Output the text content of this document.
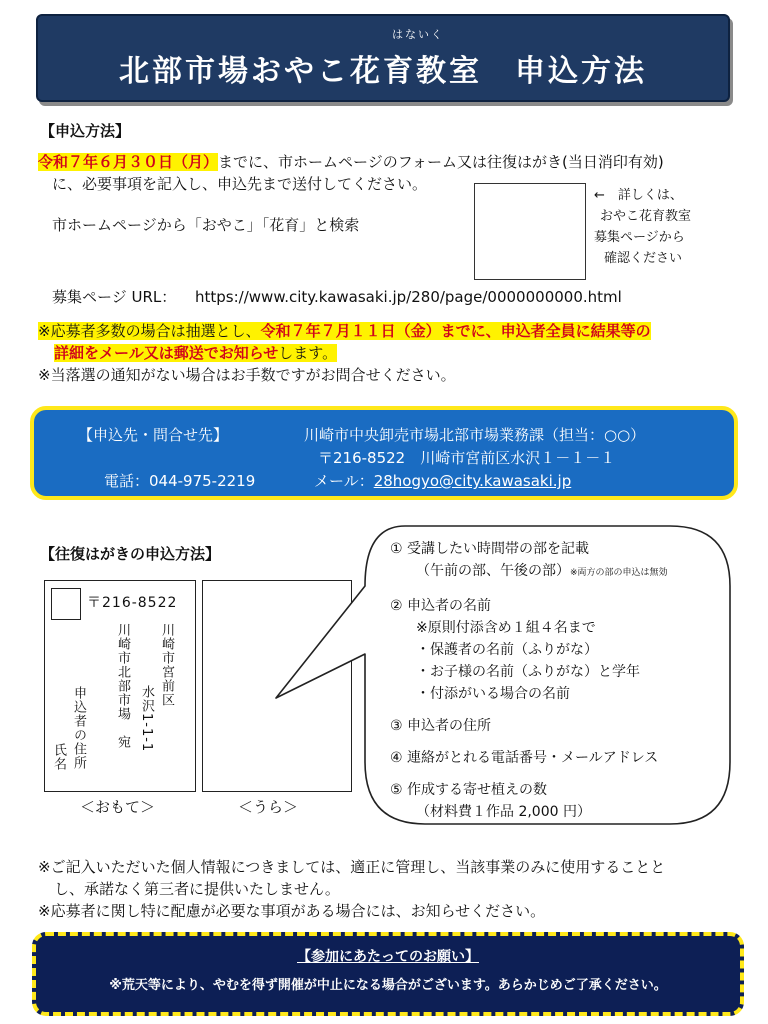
はないく
北部市場おやこ花育教室　申込方法
【申込方法】
令和７年６月３０日（月）までに、市ホームページのフォーム又は往復はがき(当日消印有効)
に、必要事項を記入し、申込先まで送付してください。
市ホームページから「おやこ」「花育」と検索
←　詳しくは、
おやこ花育教室
募集ページから
確認ください
募集ページ URL： https://www.city.kawasaki.jp/280/page/0000000000.html
※応募者多数の場合は抽選とし、令和７年７月１１日（金）までに、申込者全員に結果等の
詳細をメール又は郵送でお知らせします。
※当落選の通知がない場合はお手数ですがお問合せください。
【申込先・問合せ先】	川崎市中央卸売市場北部市場業務課（担当：○○）
〒216‐8522　川崎市宮前区水沢１－１－１
電話：044-975-2219	メール：28hogyo@city.kawasaki.jp
【往復はがきの申込方法】
〒216-8522
川崎市宮前区
水沢1-1-1
川崎市北部市場　宛
申込者の住所
氏名
＜おもて＞	＜うら＞
① 受講したい時間帯の部を記載
（午前の部、午後の部）※両方の部の申込は無効
② 申込者の名前
※原則付添含め１組４名まで
・保護者の名前（ふりがな）
・お子様の名前（ふりがな）と学年
・付添がいる場合の名前
③ 申込者の住所
④ 連絡がとれる電話番号・メールアドレス
⑤ 作成する寄せ植えの数
（材料費１作品 2,000 円）
※ご記入いただいた個人情報につきましては、適正に管理し、当該事業のみに使用することと
し、承諾なく第三者に提供いたしません。
※応募者に関し特に配慮が必要な事項がある場合には、お知らせください。
【参加にあたってのお願い】
※荒天等により、やむを得ず開催が中止になる場合がございます。あらかじめご了承ください。
